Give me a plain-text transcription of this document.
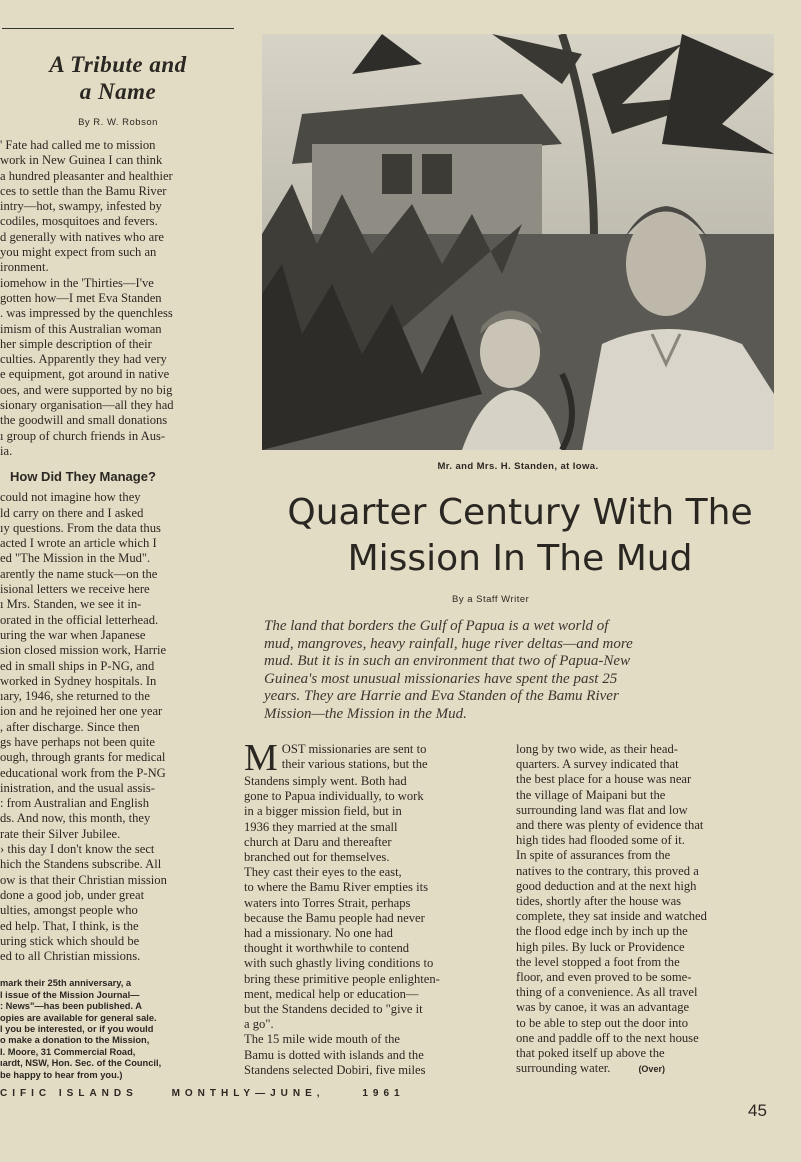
A Tribute and
a Name
By R. W. Robson

' Fate had called me to mission

work in New Guinea I can think

a hundred pleasanter and healthier

ces to settle than the Bamu River

intry—hot, swampy, infested by

codiles, mosquitoes and fevers.

d generally with natives who are

you might expect from such an

ironment.

iomehow in the 'Thirties—I've

gotten how—I met Eva Standen

. was impressed by the quenchless

imism of this Australian woman

her simple description of their

culties. Apparently they had very

e equipment, got around in native

oes, and were supported by no big

sionary organisation—all they had

the goodwill and small donations

ı group of church friends in Aus-

ia.

How Did They Manage?

could not imagine how they

ld carry on there and I asked

ıy questions. From the data thus

acted I wrote an article which I

ed "The Mission in the Mud".

arently the name stuck—on the

isional letters we receive here

ı Mrs. Standen, we see it in-

orated in the official letterhead.

uring the war when Japanese

sion closed mission work, Harrie

ed in small ships in P-NG, and

worked in Sydney hospitals. In

ıary, 1946, she returned to the

ion and he rejoined her one year

, after discharge. Since then

gs have perhaps not been quite

ough, through grants for medical

educational work from the P-NG

inistration, and the usual assis-

: from Australian and English

ds. And now, this month, they

rate their Silver Jubilee.

› this day I don't know the sect

hich the Standens subscribe. All

ow is that their Christian mission

done a good job, under great

ulties, amongst people who

ed help. That, I think, is the

uring stick which should be

ed to all Christian missions.

mark their 25th anniversary, a

l issue of the Mission Journal—

: News"—has been published. A

opies are available for general sale.

l you be interested, or if you would

o make a donation to the Mission,

I. Moore, 31 Commercial Road,

ıardt, NSW, Hon. Sec. of the Council,

be happy to hear from you.)

Mr. and Mrs. H. Standen, at Iowa.
Quarter Century With The
Mission In The Mud
By a Staff Writer

The land that borders the Gulf of Papua is a wet world of

mud, mangroves, heavy rainfall, huge river deltas—and more

mud. But it is in such an environment that two of Papua-New

Guinea's most unusual missionaries have spent the past 25

years. They are Harrie and Eva Standen of the Bamu River

Mission—the Mission in the Mud.

M OST missionaries are sent to

their various stations, but the

Standens simply went. Both had

gone to Papua individually, to work

in a bigger mission field, but in

1936 they married at the small

church at Daru and thereafter

branched out for themselves.

They cast their eyes to the east,

to where the Bamu River empties its

waters into Torres Strait, perhaps

because the Bamu people had never

had a missionary. No one had

thought it worthwhile to contend

with such ghastly living conditions to

bring these primitive people enlighten-

ment, medical help or education—

but the Standens decided to "give it

a go".

The 15 mile wide mouth of the

Bamu is dotted with islands and the

Standens selected Dobiri, five miles

long by two wide, as their head-

quarters. A survey indicated that

the best place for a house was near

the village of Maipani but the

surrounding land was flat and low

and there was plenty of evidence that

high tides had flooded some of it.

In spite of assurances from the

natives to the contrary, this proved a

good deduction and at the next high

tides, shortly after the house was

complete, they sat inside and watched

the flood edge inch by inch up the

high piles. By luck or Providence

the level stopped a foot from the

floor, and even proved to be some-

thing of a convenience. As all travel

was by canoe, it was an advantage

to be able to step out the door into

one and paddle off to the next house

that poked itself up above the

surrounding water.	(Over)

CIFIC ISLANDS	MONTHLY—JUNE,	1961
45
